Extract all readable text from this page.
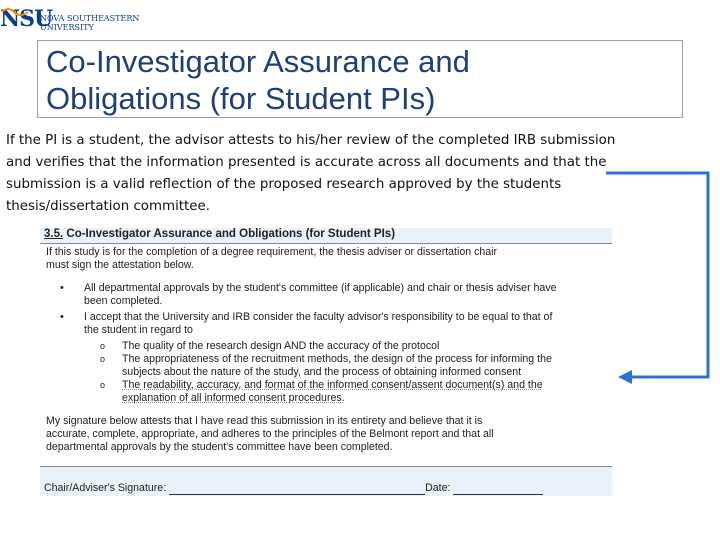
NSU
NOVA SOUTHEASTERN
UNIVERSITY
Co-Investigator Assurance and
Obligations (for Student PIs)
If the PI is a student, the advisor attests to his/her review of the completed IRB submission
and verifies that the information presented is accurate across all documents and that the
submission is a valid reflection of the proposed research approved by the students
thesis/dissertation committee.
3.5. Co-Investigator Assurance and Obligations (for Student PIs)

If this study is for the completion of a degree requirement, the thesis adviser or dissertation chair
must sign the attestation below.

• All departmental approvals by the student's committee (if applicable) and chair or thesis adviser have
been completed.
• I accept that the University and IRB consider the faculty advisor's responsibility to be equal to that of
the student in regard to
o The quality of the research design AND the accuracy of the protocol
o The appropriateness of the recruitment methods, the design of the process for informing the
subjects about the nature of the study, and the process of obtaining informed consent
o The readability, accuracy, and format of the informed consent/assent document(s) and the
explanation of all informed consent procedures.

My signature below attests that I have read this submission in its entirety and believe that it is
accurate, complete, appropriate, and adheres to the principles of the Belmont report and that all
departmental approvals by the student's committee have been completed.

Chair/Adviser's Signature:	Date:
